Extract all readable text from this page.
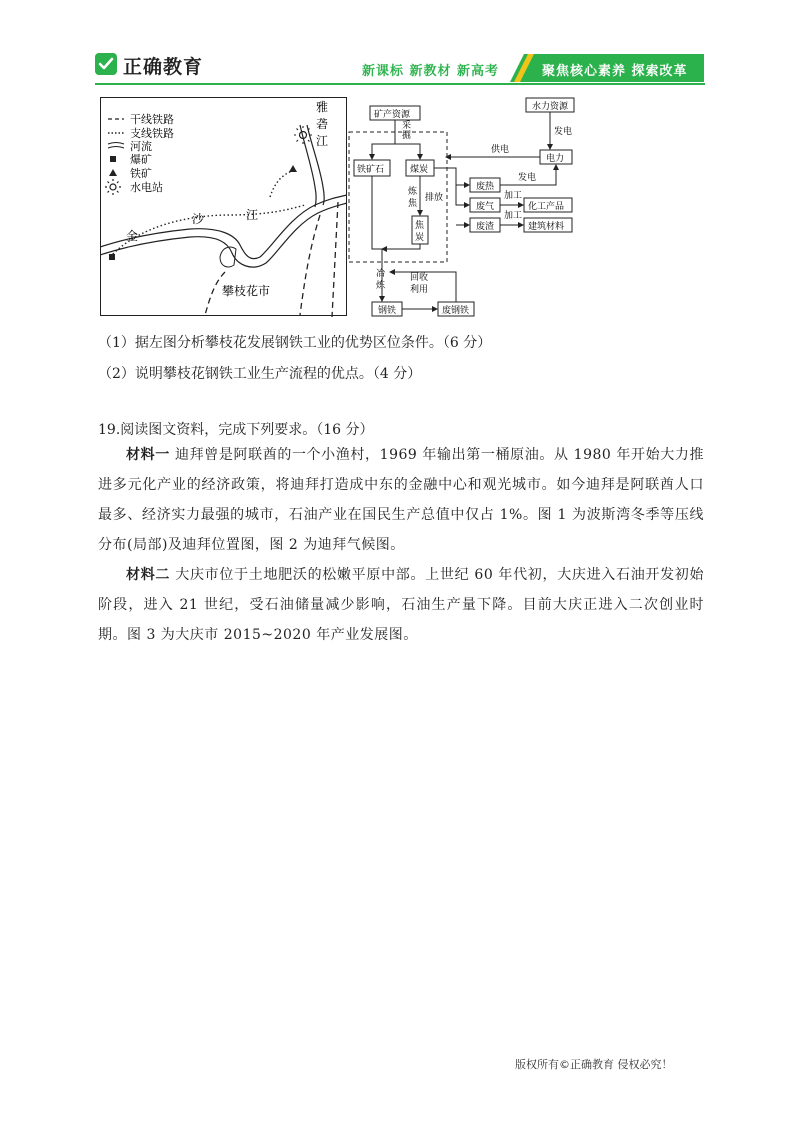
正确教育	新课标 新教材 新高考	聚焦核心素养 探索改革
干线铁路
支线铁路
河流
爆矿
铁矿
水电站
雅
砻
江
金
沙	江
攀枝花市
矿产资源
铁矿石	煤炭
焦
炭
采
掘
炼
焦
排放
水力资源
发电
电力
供电
废热
发电
废气
加工
化工产品
废渣
加工
建筑材料
冶
炼
回收
利用
钢铁	废钢铁
（1）据左图分析攀枝花发展钢铁工业的优势区位条件。（6 分）
（2）说明攀枝花钢铁工业生产流程的优点。（4 分）
19.阅读图文资料，完成下列要求。（16 分）
材料一 迪拜曾是阿联酋的一个小渔村，1969 年输出第一桶原油。从 1980 年开始大力推进多元化产业的经济政策，将迪拜打造成中东的金融中心和观光城市。如今迪拜是阿联酋人口最多、经济实力最强的城市，石油产业在国民生产总值中仅占 1%。图 1 为波斯湾冬季等压线分布(局部)及迪拜位置图，图 2 为迪拜气候图。
材料二 大庆市位于土地肥沃的松嫩平原中部。上世纪 60 年代初，大庆进入石油开发初始阶段，进入 21 世纪，受石油储量减少影响，石油生产量下降。目前大庆正进入二次创业时期。图 3 为大庆市 2015~2020 年产业发展图。
版权所有©正确教育 侵权必究！
